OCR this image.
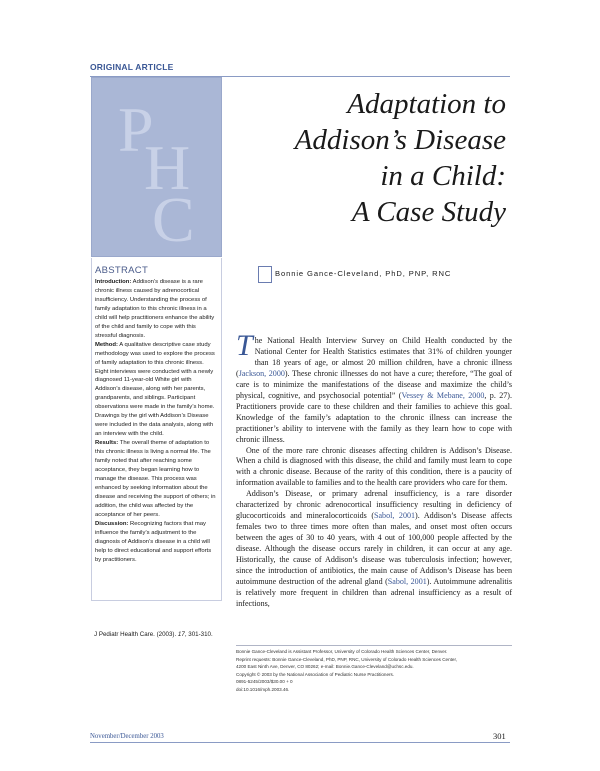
ORIGINAL ARTICLE
P
H
C
ABSTRACT

Introduction: Addison’s disease is a rare chronic illness caused by adrenocortical insufficiency. Understanding the process of family adaptation to this chronic illness in a child will help practitioners enhance the ability of the child and family to cope with this stressful diagnosis.

Method: A qualitative descriptive case study methodology was used to explore the process of family adaptation to this chronic illness. Eight interviews were conducted with a newly diagnosed 11-year-old White girl with Addison’s disease, along with her parents, grandparents, and siblings. Participant observations were made in the family’s home. Drawings by the girl with Addison’s Disease were included in the data analysis, along with an interview with the child.

Results: The overall theme of adaptation to this chronic illness is living a normal life. The family noted that after reaching some acceptance, they began learning how to manage the disease. This process was enhanced by seeking information about the disease and receiving the support of others; in addition, the child was affected by the acceptance of her peers.

Discussion: Recognizing factors that may influence the family’s adjustment to the diagnosis of Addison’s disease in a child will help to direct educational and support efforts by practitioners.

J Pediatr Health Care. (2003). 17, 301-310.
Adaptation to
Addison’s Disease
in a Child:
A Case Study
Bonnie Gance-Cleveland, PhD, PNP, RNC

The National Health Interview Survey on Child Health conducted by the National Center for Health Statistics estimates that 31% of children younger than 18 years of age, or almost 20 million children, have a chronic illness (Jackson, 2000). These chronic illnesses do not have a cure; therefore, “The goal of care is to minimize the manifestations of the disease and maximize the child’s physical, cognitive, and psychosocial potential” (Vessey & Mebane, 2000, p. 27). Practitioners provide care to these children and their families to achieve this goal. Knowledge of the family’s adaptation to the chronic illness can increase the practitioner’s ability to intervene with the family as they learn how to cope with chronic illness.

One of the more rare chronic diseases affecting children is Addison’s Disease. When a child is diagnosed with this disease, the child and family must learn to cope with a chronic disease. Because of the rarity of this condition, there is a paucity of information available to families and to the health care providers who care for them.

Addison’s Disease, or primary adrenal insufficiency, is a rare disorder characterized by chronic adrenocortical insufficiency resulting in deficiency of glucocorticoids and mineralocorticoids (Sabol, 2001). Addison’s Disease affects females two to three times more often than males, and onset most often occurs between the ages of 30 to 40 years, with 4 out of 100,000 people affected by the disease. Although the disease occurs rarely in children, it can occur at any age. Historically, the cause of Addison’s disease was tuberculosis infection; however, since the introduction of antibiotics, the main cause of Addison’s Disease has been autoimmune destruction of the adrenal gland (Sabol, 2001). Autoimmune adrenalitis is relatively more frequent in children than adrenal insufficiency as a result of infections,

Bonnie Gance-Cleveland is Assistant Professor, University of Colorado Health Sciences Center, Denver.
Reprint requests: Bonnie Gance-Cleveland, PhD, PNP, RNC, University of Colorado Health Sciences Center,
4200 East Ninth Ave, Denver, CO 80262; e-mail: Bonnie.Gance-Cleveland@uchsc.edu.
Copyright © 2003 by the National Association of Pediatric Nurse Practitioners.
0891-5245/2003/$30.00 + 0
doi:10.1016/mph.2003.46.
November/December 2003	301
